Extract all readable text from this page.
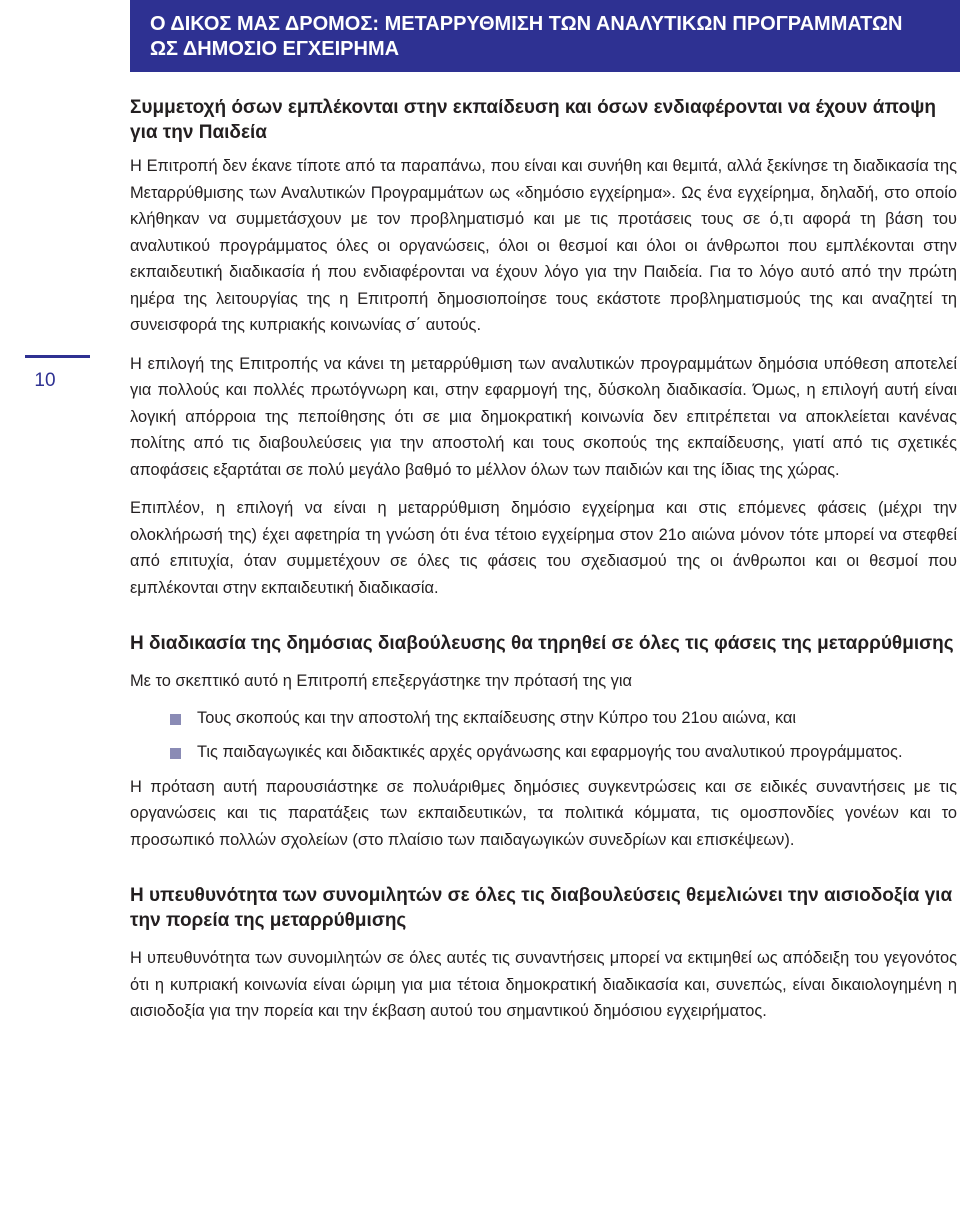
Ο ΔΙΚΟΣ ΜΑΣ ΔΡΟΜΟΣ: ΜΕΤΑΡΡΥΘΜΙΣΗ ΤΩΝ ΑΝΑΛΥΤΙΚΩΝ ΠΡΟΓΡΑΜΜΑΤΩΝ
ΩΣ ΔΗΜΟΣΙΟ ΕΓΧΕΙΡΗΜΑ
10
Συμμετοχή όσων εμπλέκονται στην εκπαίδευση και όσων ενδιαφέρονται να έχουν άποψη για την Παιδεία

Η Επιτροπή δεν έκανε τίποτε από τα παραπάνω, που είναι και συνήθη και θεμιτά, αλλά ξεκίνησε τη διαδικασία της Μεταρρύθμισης των Αναλυτικών Προγραμμάτων ως «δημόσιο εγχείρημα». Ως ένα εγχείρημα, δηλαδή, στο οποίο κλήθηκαν να συμμετάσχουν με τον προβληματισμό και με τις προτάσεις τους σε ό,τι αφορά τη βάση του αναλυτικού προγράμματος όλες οι οργανώσεις, όλοι οι θεσμοί και όλοι οι άνθρωποι που εμπλέκονται στην εκπαιδευτική διαδικασία ή που ενδιαφέρονται να έχουν λόγο για την Παιδεία. Για το λόγο αυτό από την πρώτη ημέρα της λειτουργίας της η Επιτροπή δημοσιοποίησε τους εκάστοτε προβληματισμούς της και αναζητεί τη συνεισφορά της κυπριακής κοινωνίας σ΄ αυτούς.

Η επιλογή της Επιτροπής να κάνει τη μεταρρύθμιση των αναλυτικών προγραμμάτων δημόσια υπόθεση αποτελεί για πολλούς και πολλές πρωτόγνωρη και, στην εφαρμογή της, δύσκολη διαδικασία. Όμως, η επιλογή αυτή είναι λογική απόρροια της πεποίθησης ότι σε μια δημοκρατική κοινωνία δεν επιτρέπεται να αποκλείεται κανένας πολίτης από τις διαβουλεύσεις για την αποστολή και τους σκοπούς της εκπαίδευσης, γιατί από τις σχετικές αποφάσεις εξαρτάται σε πολύ μεγάλο βαθμό το μέλλον όλων των παιδιών και της ίδιας της χώρας.

Επιπλέον, η επιλογή να είναι η μεταρρύθμιση δημόσιο εγχείρημα και στις επόμενες φάσεις (μέχρι την ολοκλήρωσή της) έχει αφετηρία τη γνώση ότι ένα τέτοιο εγχείρημα στον 21ο αιώνα μόνον τότε μπορεί να στεφθεί από επιτυχία, όταν συμμετέχουν σε όλες τις φάσεις του σχεδιασμού της οι άνθρωποι και οι θεσμοί που εμπλέκονται στην εκπαιδευτική διαδικασία.

Η διαδικασία της δημόσιας διαβούλευσης θα τηρηθεί σε όλες τις φάσεις της μεταρρύθμισης

Με το σκεπτικό αυτό η Επιτροπή επεξεργάστηκε την πρότασή της για

Τους σκοπούς και την αποστολή της εκπαίδευσης στην Κύπρο του 21ου αιώνα, και
Τις παιδαγωγικές και διδακτικές αρχές οργάνωσης και εφαρμογής του αναλυτικού προγράμματος.

Η πρόταση αυτή παρουσιάστηκε σε πολυάριθμες δημόσιες συγκεντρώσεις και σε ειδικές συναντήσεις με τις οργανώσεις και τις παρατάξεις των εκπαιδευτικών, τα πολιτικά κόμματα, τις ομοσπονδίες γονέων και το προσωπικό πολλών σχολείων (στο πλαίσιο των παιδαγωγικών συνεδρίων και επισκέψεων).

Η υπευθυνότητα των συνομιλητών σε όλες τις διαβουλεύσεις θεμελιώνει την αισιοδοξία για την πορεία της μεταρρύθμισης

Η υπευθυνότητα των συνομιλητών σε όλες αυτές τις συναντήσεις μπορεί να εκτιμηθεί ως απόδειξη του γεγονότος ότι η κυπριακή κοινωνία είναι ώριμη για μια τέτοια δημοκρατική διαδικασία και, συνεπώς, είναι δικαιολογημένη η αισιοδοξία για την πορεία και την έκβαση αυτού του σημαντικού δημόσιου εγχειρήματος.
